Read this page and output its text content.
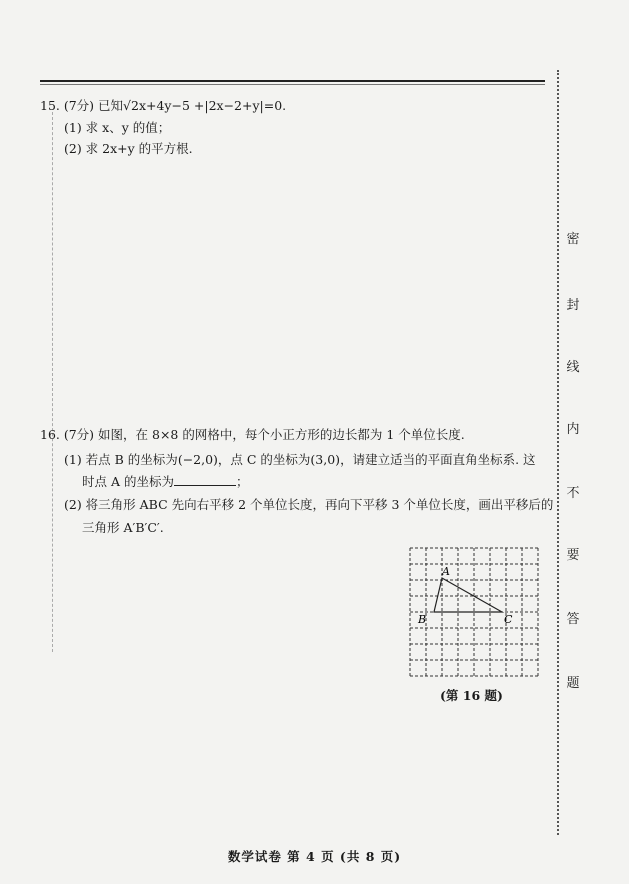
15. (7分) 已知√2x+4y−5 +|2x−2+y|=0.
(1) 求 x、y 的值；
(2) 求 2x+y 的平方根.
16. (7分) 如图，在 8×8 的网格中，每个小正方形的边长都为 1 个单位长度.
(1) 若点 B 的坐标为(−2,0)，点 C 的坐标为(3,0)，请建立适当的平面直角坐标系. 这
时点 A 的坐标为	；
(2) 将三角形 ABC 先向右平移 2 个单位长度，再向下平移 3 个单位长度，画出平移后的
三角形 A′B′C′.
A
B	C
(第 16 题)
密
封
线
内
不
要
答
题
数学试卷 第 4 页 (共 8 页)
